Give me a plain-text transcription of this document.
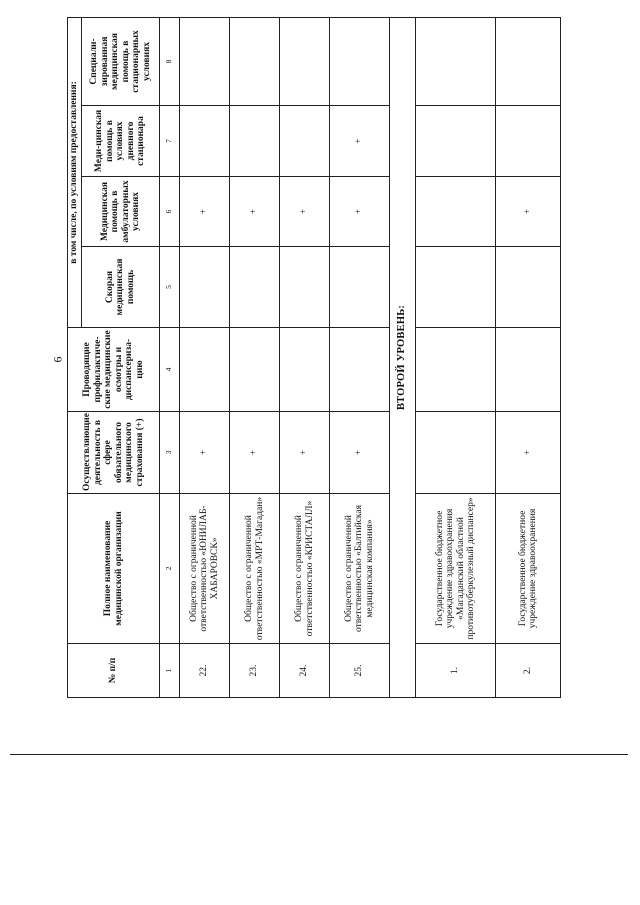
6
№ п/п	Полное наименование медицинской организации	Осуществляющие деятельность в сфере обязательного медицинского страхования (+)	Проводящие профилактиче-ские медицинские осмотры и диспансериза-цию	в том числе, по условиям предоставления:			
				Скорая медицинская помощь	Медицинская помощь в амбулаторных условиях	Меди-цинская помощь в условиях дневного стационара	Специали-зированная медицинская помощь в стационарных условиях
1	2	3	4	5	6	7	8
22.	Общество с ограниченной ответственностью «ЮНИЛАБ-ХАБАРОВСК»	+			+		
23.	Общество с ограниченной ответственностью «МРТ-Магадан»	+			+		
24.	Общество с ограниченной ответственностью «КРИСТАЛЛ»	+			+		
25.	Общество с ограниченной ответственностью «Балтийская медицинская компания»	+			+	+	
ВТОРОЙ УРОВЕНЬ:							
1.	Государственное бюджетное учреждение здравоохранения «Магаданский областной противотуберкулезный диспансер»						
2.	Государственное бюджетное учреждение здравоохранения	+			+		
